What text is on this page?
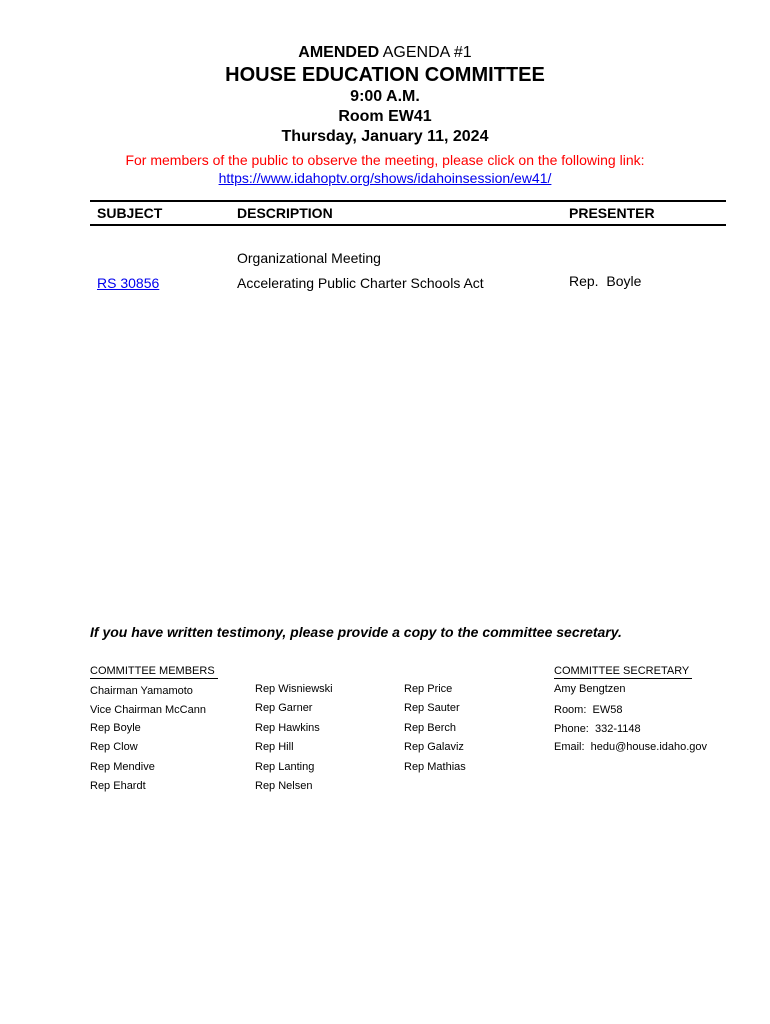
AMENDED AGENDA #1
HOUSE EDUCATION COMMITTEE
9:00 A.M.
Room EW41
Thursday, January 11, 2024
For members of the public to observe the meeting, please click on the following link:
https://www.idahoptv.org/shows/idahoinsession/ew41/
SUBJECT	DESCRIPTION	PRESENTER
Organizational Meeting
RS 30856	Accelerating Public Charter Schools Act	Rep.  Boyle
If you have written testimony, please provide a copy to the committee secretary.
COMMITTEE MEMBERS
Chairman Yamamoto
Vice Chairman McCann
Rep Boyle
Rep Clow
Rep Mendive
Rep Ehardt
Rep Wisniewski
Rep Garner
Rep Hawkins
Rep Hill
Rep Lanting
Rep Nelsen
Rep Price
Rep Sauter
Rep Berch
Rep Galaviz
Rep Mathias
COMMITTEE SECRETARY
Amy Bengtzen
Room:  EW58
Phone:  332-1148
Email:  hedu@house.idaho.gov
